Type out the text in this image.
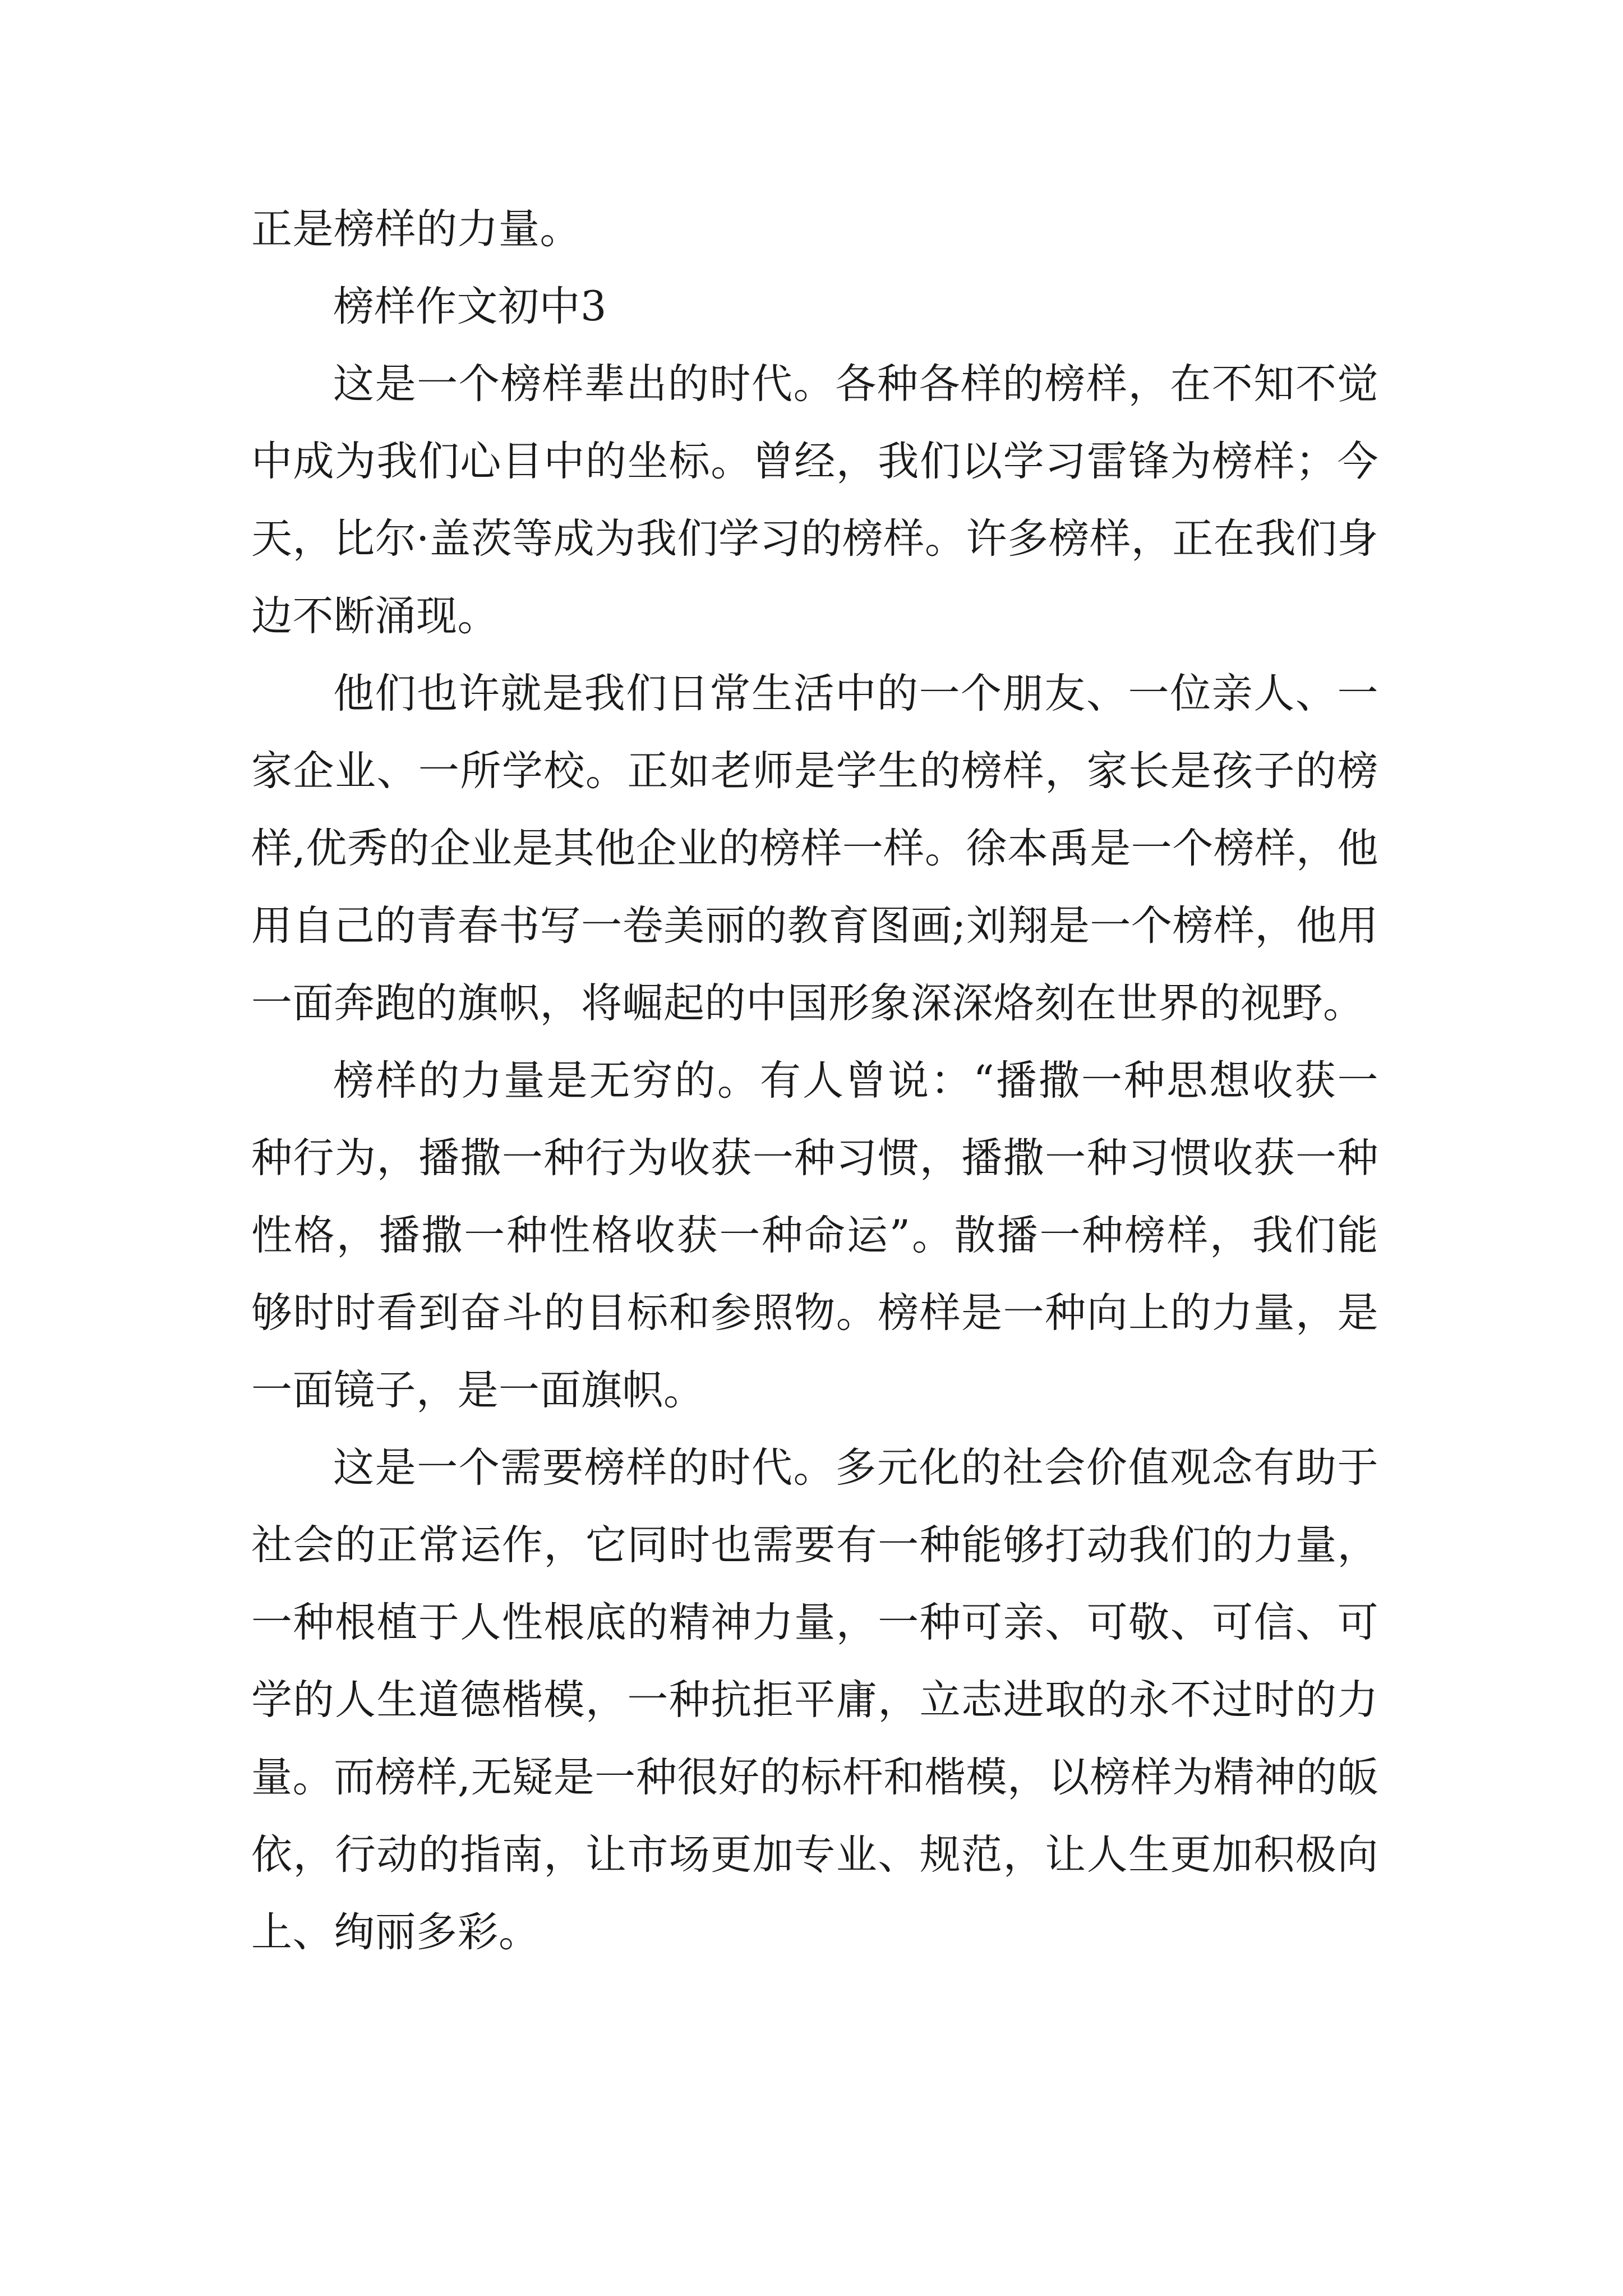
正是榜样的力量。

榜样作文初中3

这是一个榜样辈出的时代。各种各样的榜样，在不知不觉中成为我们心目中的坐标。曾经，我们以学习雷锋为榜样；今天，比尔·盖茨等成为我们学习的榜样。许多榜样，正在我们身边不断涌现。

他们也许就是我们日常生活中的一个朋友、一位亲人、一家企业、一所学校。正如老师是学生的榜样，家长是孩子的榜样,优秀的企业是其他企业的榜样一样。徐本禹是一个榜样，他用自己的青春书写一卷美丽的教育图画;刘翔是一个榜样，他用一面奔跑的旗帜，将崛起的中国形象深深烙刻在世界的视野。

榜样的力量是无穷的。有人曾说：“播撒一种思想收获一种行为，播撒一种行为收获一种习惯，播撒一种习惯收获一种性格，播撒一种性格收获一种命运”。散播一种榜样，我们能够时时看到奋斗的目标和参照物。榜样是一种向上的力量，是一面镜子，是一面旗帜。

这是一个需要榜样的时代。多元化的社会价值观念有助于社会的正常运作，它同时也需要有一种能够打动我们的力量，一种根植于人性根底的精神力量，一种可亲、可敬、可信、可学的人生道德楷模，一种抗拒平庸，立志进取的永不过时的力量。而榜样,无疑是一种很好的标杆和楷模，以榜样为精神的皈依，行动的指南，让市场更加专业、规范，让人生更加积极向上、绚丽多彩。
